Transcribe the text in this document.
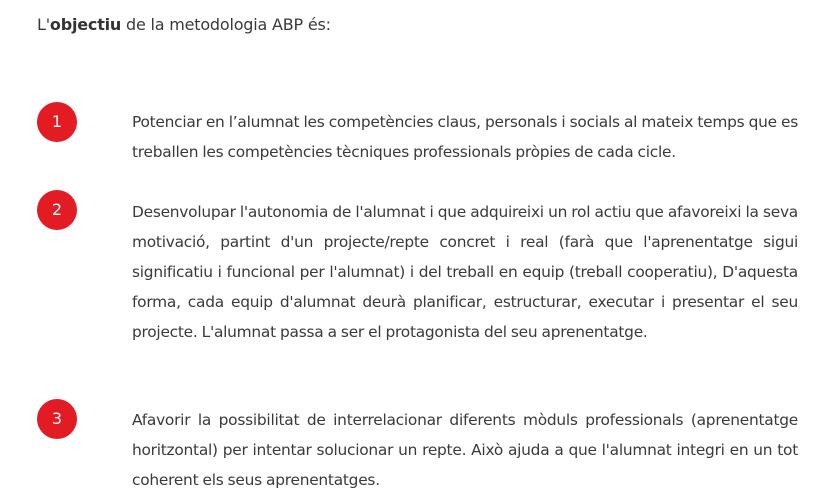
L'objectiu de la metodologia ABP és:
1	Potenciar en l’alumnat les competències claus, personals i socials al mateix temps que es treballen les competències tècniques professionals pròpies de cada cicle.
2	Desenvolupar l'autonomia de l'alumnat i que adquireixi un rol actiu que afavoreixi la seva motivació, partint d'un projecte/repte concret i real (farà que l'aprenentatge sigui significatiu i funcional per l'alumnat) i del treball en equip (treball cooperatiu), D'aquesta forma, cada equip d'alumnat deurà planificar, estructurar, executar i presentar el seu projecte. L'alumnat passa a ser el protagonista del seu aprenentatge.
3	Afavorir la possibilitat de interrelacionar diferents mòduls professionals (aprenentatge horitzontal) per intentar solucionar un repte. Això ajuda a que l'alumnat integri en un tot coherent els seus aprenentatges.
